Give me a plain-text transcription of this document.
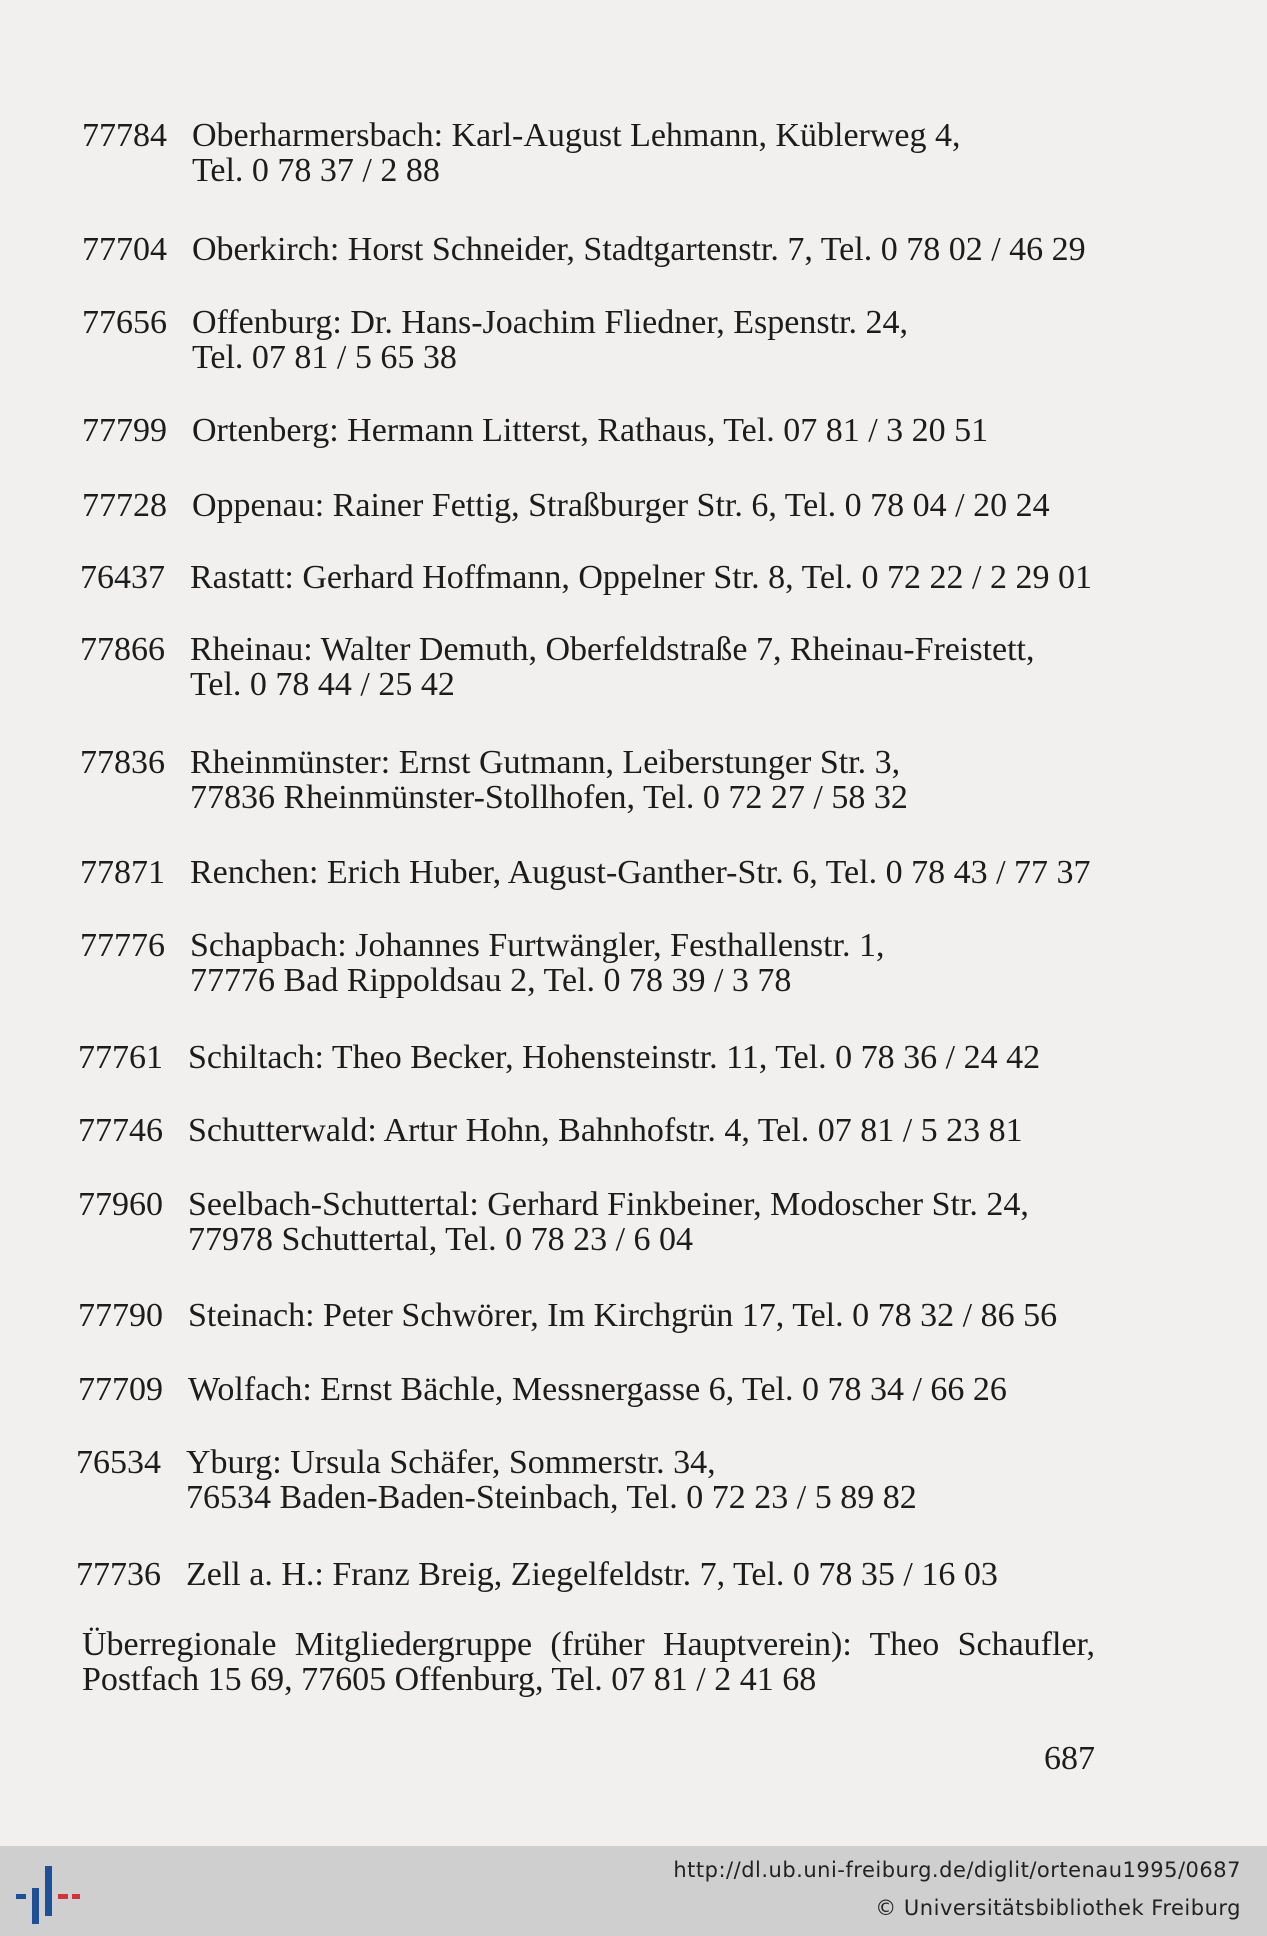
77784 Oberharmersbach: Karl-August Lehmann, Küblerweg 4,
Tel. 0 78 37 / 2 88
77704 Oberkirch: Horst Schneider, Stadtgartenstr. 7, Tel. 0 78 02 / 46 29
77656 Offenburg: Dr. Hans-Joachim Fliedner, Espenstr. 24,
Tel. 07 81 / 5 65 38
77799 Ortenberg: Hermann Litterst, Rathaus, Tel. 07 81 / 3 20 51
77728 Oppenau: Rainer Fettig, Straßburger Str. 6, Tel. 0 78 04 / 20 24
76437 Rastatt: Gerhard Hoffmann, Oppelner Str. 8, Tel. 0 72 22 / 2 29 01
77866 Rheinau: Walter Demuth, Oberfeldstraße 7, Rheinau-Freistett,
Tel. 0 78 44 / 25 42
77836 Rheinmünster: Ernst Gutmann, Leiberstunger Str. 3,
77836 Rheinmünster-Stollhofen, Tel. 0 72 27 / 58 32
77871 Renchen: Erich Huber, August-Ganther-Str. 6, Tel. 0 78 43 / 77 37
77776 Schapbach: Johannes Furtwängler, Festhallenstr. 1,
77776 Bad Rippoldsau 2, Tel. 0 78 39 / 3 78
77761 Schiltach: Theo Becker, Hohensteinstr. 11, Tel. 0 78 36 / 24 42
77746 Schutterwald: Artur Hohn, Bahnhofstr. 4, Tel. 07 81 / 5 23 81
77960 Seelbach-Schuttertal: Gerhard Finkbeiner, Modoscher Str. 24,
77978 Schuttertal, Tel. 0 78 23 / 6 04
77790 Steinach: Peter Schwörer, Im Kirchgrün 17, Tel. 0 78 32 / 86 56
77709 Wolfach: Ernst Bächle, Messnergasse 6, Tel. 0 78 34 / 66 26
76534 Yburg: Ursula Schäfer, Sommerstr. 34,
76534 Baden-Baden-Steinbach, Tel. 0 72 23 / 5 89 82
77736 Zell a. H.: Franz Breig, Ziegelfeldstr. 7, Tel. 0 78 35 / 16 03
Überregionale Mitgliedergruppe (früher Hauptverein): Theo Schaufler,
Postfach 15 69, 77605 Offenburg, Tel. 07 81 / 2 41 68
687
http://dl.ub.uni-freiburg.de/diglit/ortenau1995/0687
© Universitätsbibliothek Freiburg
